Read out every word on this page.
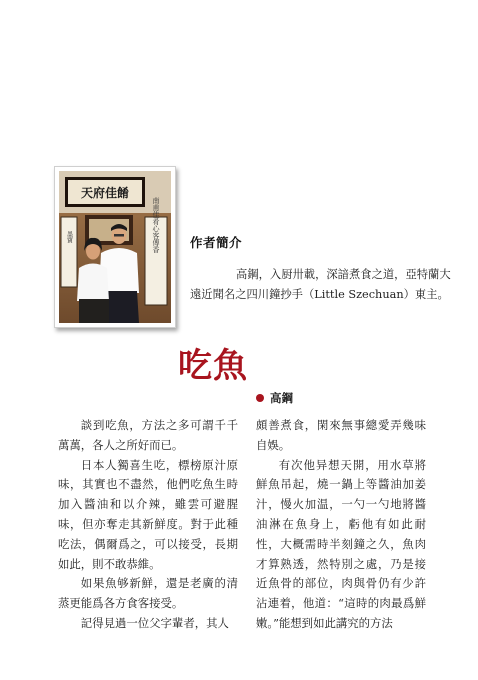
天府佳餚
墨寶	南甫佳肴心客傳香 作者簡介
高鋼，入厨卅載，深諳煮食之道，亞特蘭大
遠近聞名之四川鐘抄手（Little Szechuan）東主。
吃魚
高鋼

談到吃魚，方法之多可謂千千萬萬，各人之所好而已。

日本人獨喜生吃，標榜原汁原味，其實也不盡然，他們吃魚生時加入醬油和以介辣，雖雲可避腥味，但亦奪走其新鮮度。對于此種吃法，偶爾爲之，可以接受，長期如此，則不敢恭維。

如果魚够新鮮，還是老廣的清蒸更能爲各方食客接受。

記得見過一位父字輩者，其人

頗善煮食，閑來無事總愛弄幾味自娛。

有次他异想天開，用水草將鮮魚吊起，燒一鍋上等醬油加姜汁，慢火加温，一勺一勺地將醬油淋在魚身上，虧他有如此耐性，大概需時半刻鐘之久，魚肉才算熟透，然特別之處，乃是接近魚骨的部位，肉與骨仍有少許沾連着，他道：“這時的肉最爲鮮嫩。”能想到如此講究的方法
